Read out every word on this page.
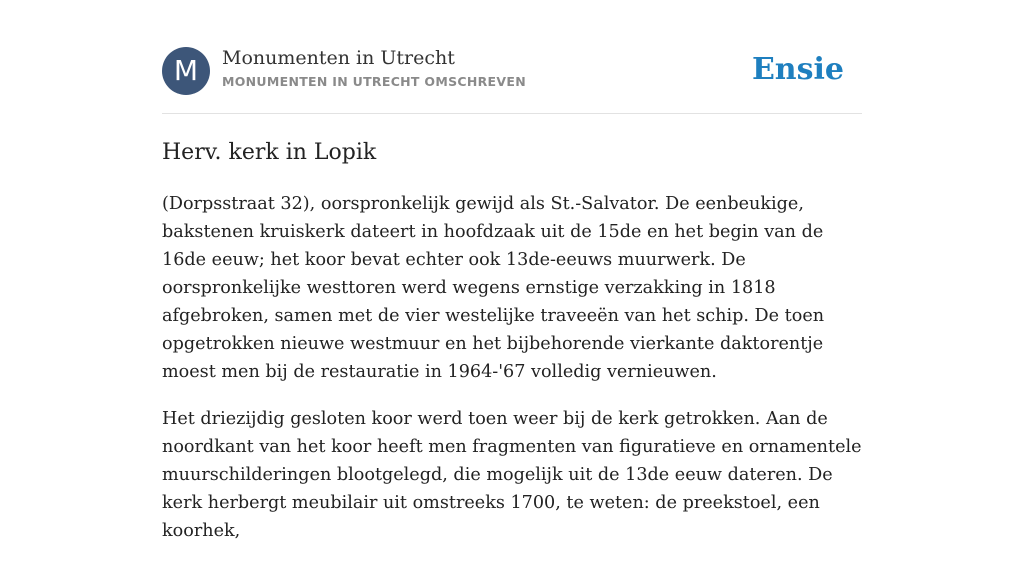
M	Monumenten in Utrecht
MONUMENTEN IN UTRECHT OMSCHREVEN	Ensie
Herv. kerk in Lopik

(Dorpsstraat 32), oorspronkelijk gewijd als St.-Salvator. De eenbeukige, bakstenen kruiskerk dateert in hoofdzaak uit de 15de en het begin van de 16de eeuw; het koor bevat echter ook 13de-eeuws muurwerk. De oorspronkelijke westtoren werd wegens ernstige verzakking in 1818 afgebroken, samen met de vier westelijke traveeën van het schip. De toen opgetrokken nieuwe westmuur en het bijbehorende vierkante daktorentje moest men bij de restauratie in 1964-'67 volledig vernieuwen.

Het driezijdig gesloten koor werd toen weer bij de kerk getrokken. Aan de noordkant van het koor heeft men fragmenten van figuratieve en ornamentele muurschilderingen blootgelegd, die mogelijk uit de 13de eeuw dateren. De kerk herbergt meubilair uit omstreeks 1700, te weten: de preekstoel, een koorhek,
